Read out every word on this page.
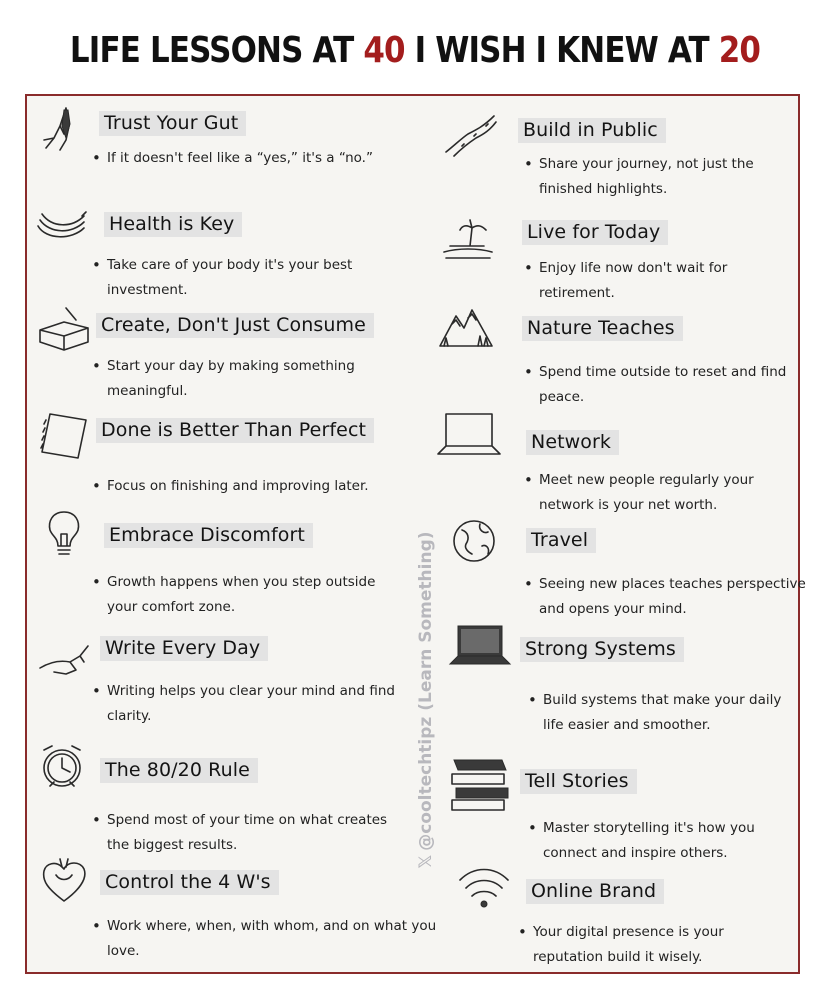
LIFE LESSONS AT 40 I WISH I KNEW AT 20
𝕏@cooltechtipz (Learn Something)
Trust Your Gut
• If it doesn't feel like a “yes,” it's a “no.”
Health is Key
• Take care of your body it's your best investment.
Create, Don't Just Consume
• Start your day by making something meaningful.
Done is Better Than Perfect
• Focus on finishing and improving later.
Embrace Discomfort
• Growth happens when you step outside your comfort zone.
Write Every Day
• Writing helps you clear your mind and find clarity.
The 80/20 Rule
• Spend most of your time on what creates the biggest results.
Control the 4 W's
• Work where, when, with whom, and on what you love.
Build in Public
• Share your journey, not just the finished highlights.
Live for Today
• Enjoy life now don't wait for retirement.
Nature Teaches
• Spend time outside to reset and find peace.
Network
• Meet new people regularly your network is your net worth.
Travel
• Seeing new places teaches perspective and opens your mind.
Strong Systems
• Build systems that make your daily life easier and smoother.
Tell Stories
• Master storytelling it's how you connect and inspire others.
Online Brand
• Your digital presence is your reputation build it wisely.
